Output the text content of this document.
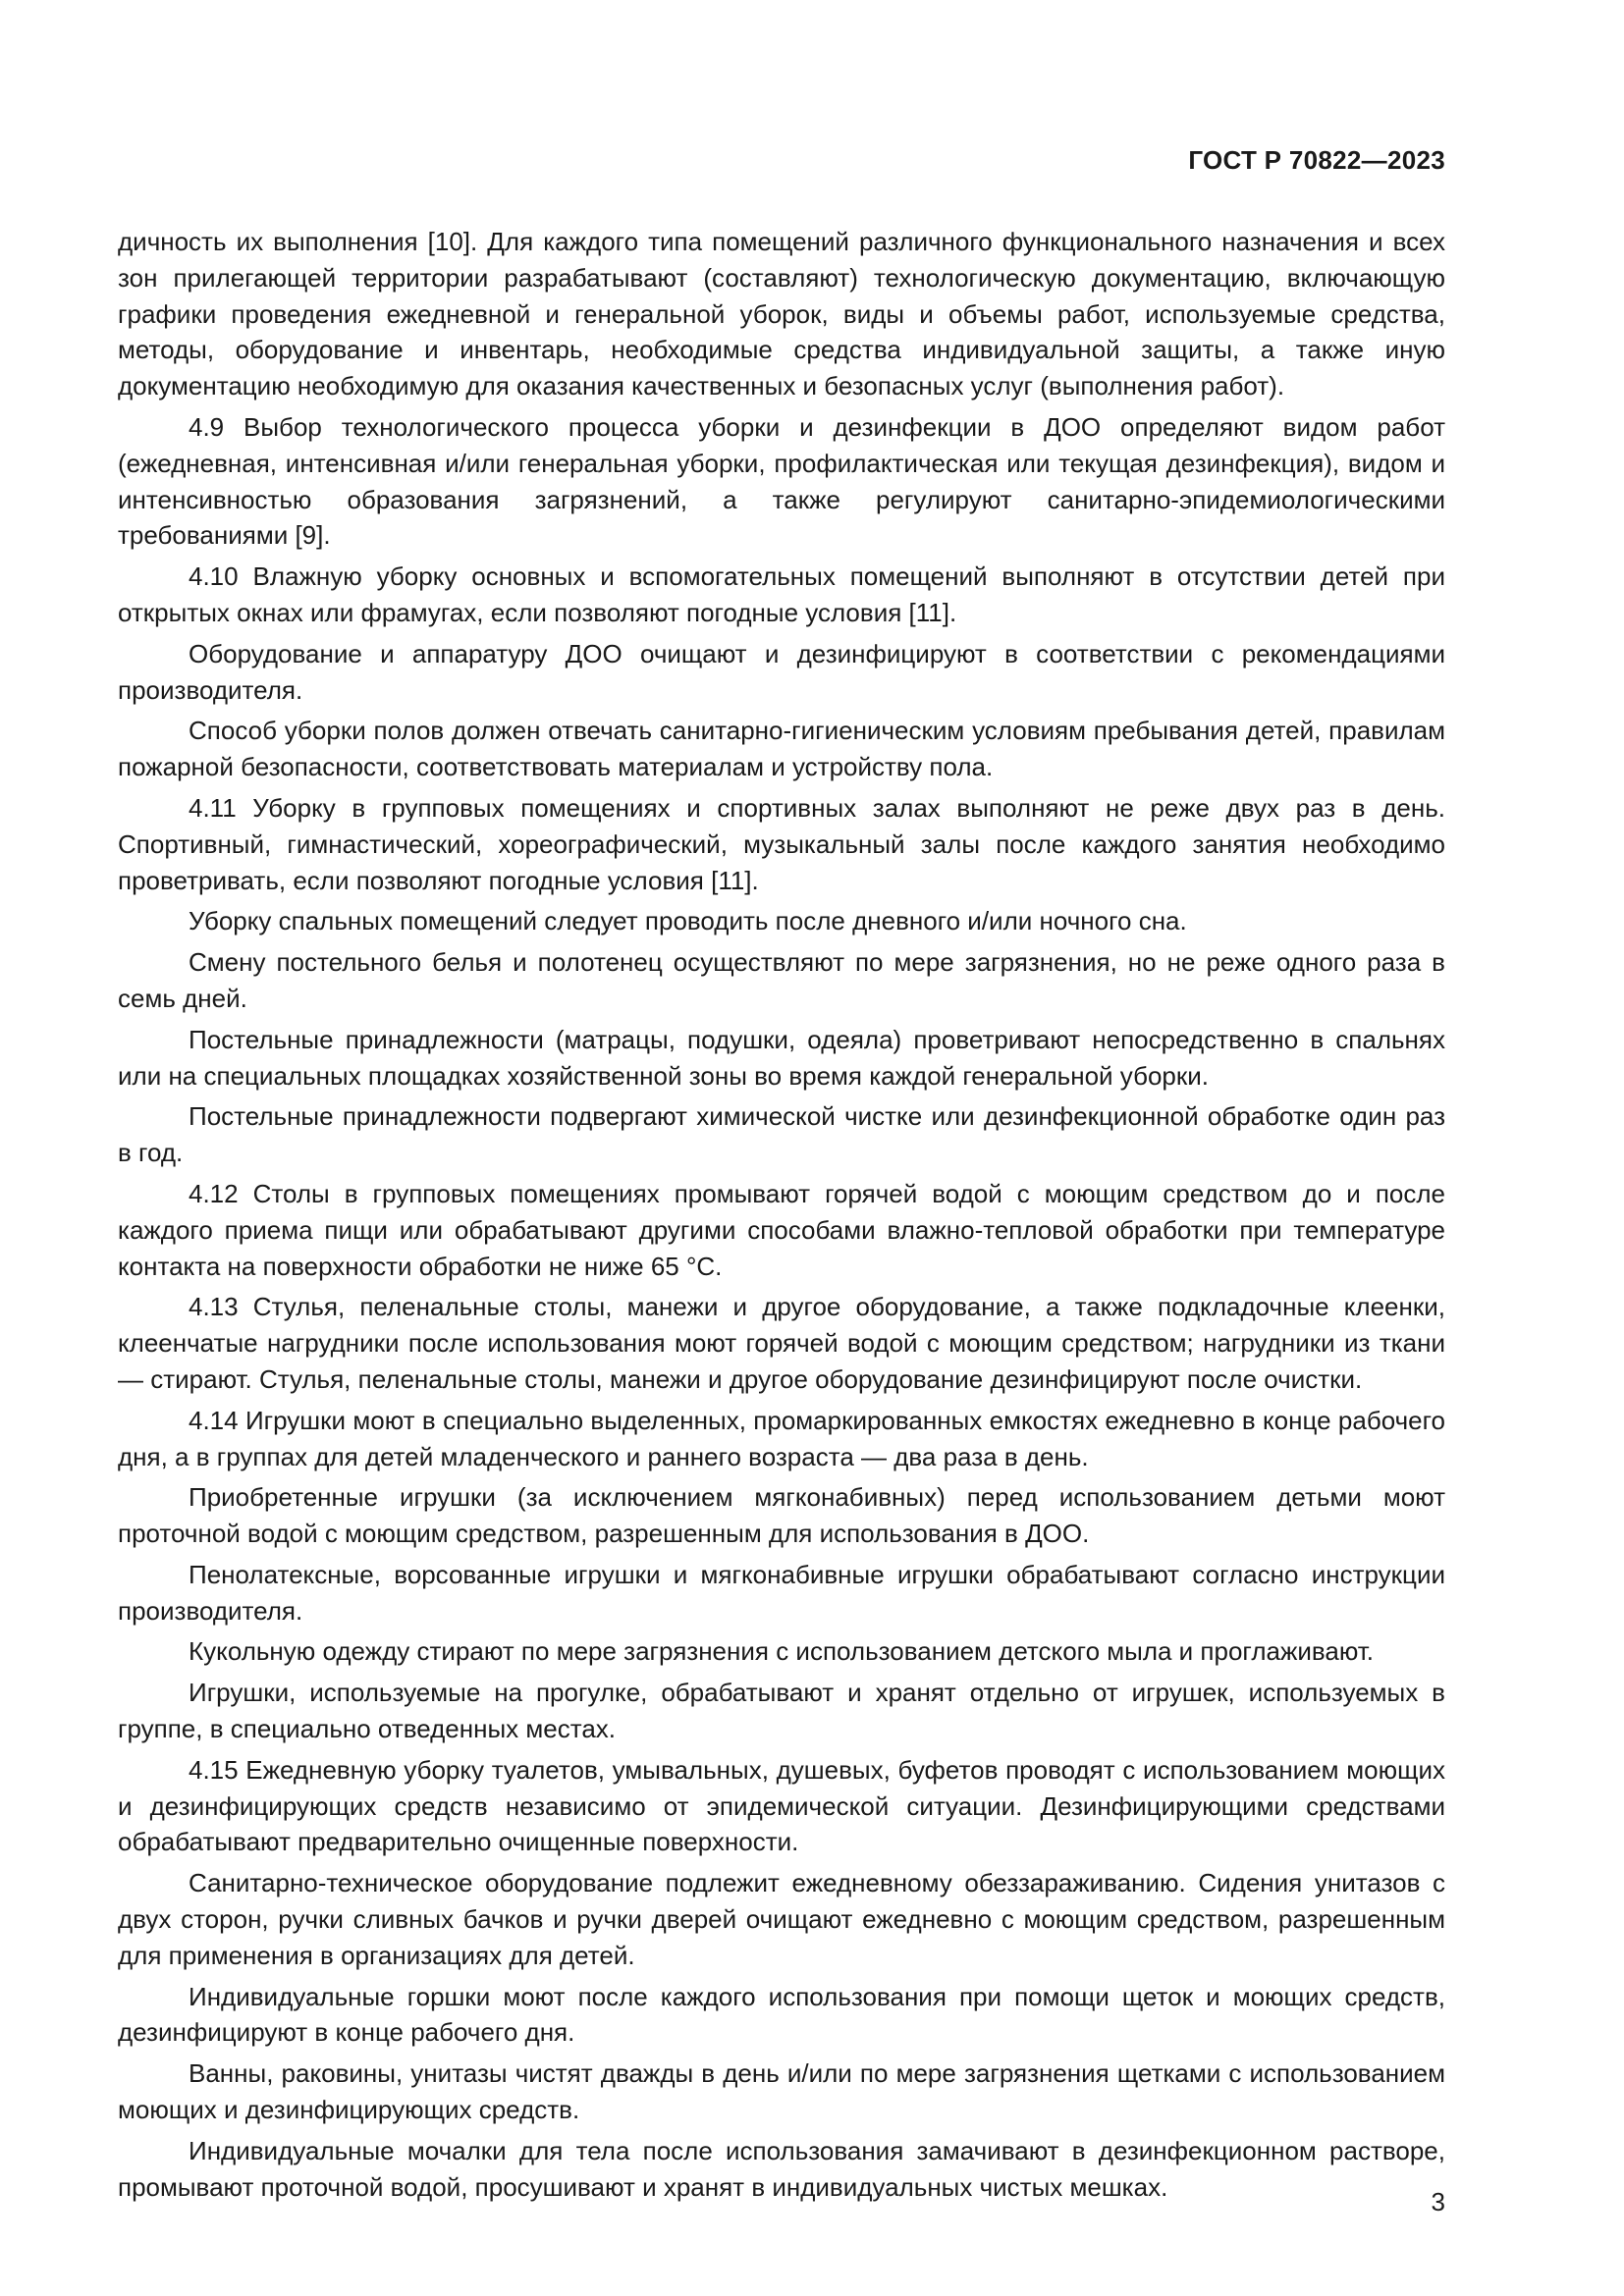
ГОСТ Р 70822—2023

дичность их выполнения [10]. Для каждого типа помещений различного функционального назначения и всех зон прилегающей территории разрабатывают (составляют) технологическую документацию, включающую графики проведения ежедневной и генеральной уборок, виды и объемы работ, используемые средства, методы, оборудование и инвентарь, необходимые средства индивидуальной защиты, а также иную документацию необходимую для оказания качественных и безопасных услуг (выполнения работ).

4.9 Выбор технологического процесса уборки и дезинфекции в ДОО определяют видом работ (ежедневная, интенсивная и/или генеральная уборки, профилактическая или текущая дезинфекция), видом и интенсивностью образования загрязнений, а также регулируют санитарно-эпидемиологическими требованиями [9].

4.10 Влажную уборку основных и вспомогательных помещений выполняют в отсутствии детей при открытых окнах или фрамугах, если позволяют погодные условия [11].

Оборудование и аппаратуру ДОО очищают и дезинфицируют в соответствии с рекомендациями производителя.

Способ уборки полов должен отвечать санитарно-гигиеническим условиям пребывания детей, правилам пожарной безопасности, соответствовать материалам и устройству пола.

4.11 Уборку в групповых помещениях и спортивных залах выполняют не реже двух раз в день. Спортивный, гимнастический, хореографический, музыкальный залы после каждого занятия необходимо проветривать, если позволяют погодные условия [11].

Уборку спальных помещений следует проводить после дневного и/или ночного сна.

Смену постельного белья и полотенец осуществляют по мере загрязнения, но не реже одного раза в семь дней.

Постельные принадлежности (матрацы, подушки, одеяла) проветривают непосредственно в спальнях или на специальных площадках хозяйственной зоны во время каждой генеральной уборки.

Постельные принадлежности подвергают химической чистке или дезинфекционной обработке один раз в год.

4.12 Столы в групповых помещениях промывают горячей водой с моющим средством до и после каждого приема пищи или обрабатывают другими способами влажно-тепловой обработки при температуре контакта на поверхности обработки не ниже 65 °С.

4.13 Стулья, пеленальные столы, манежи и другое оборудование, а также подкладочные клеенки, клеенчатые нагрудники после использования моют горячей водой с моющим средством; нагрудники из ткани — стирают. Стулья, пеленальные столы, манежи и другое оборудование дезинфицируют после очистки.

4.14 Игрушки моют в специально выделенных, промаркированных емкостях ежедневно в конце рабочего дня, а в группах для детей младенческого и раннего возраста — два раза в день.

Приобретенные игрушки (за исключением мягконабивных) перед использованием детьми моют проточной водой с моющим средством, разрешенным для использования в ДОО.

Пенолатексные, ворсованные игрушки и мягконабивные игрушки обрабатывают согласно инструкции производителя.

Кукольную одежду стирают по мере загрязнения с использованием детского мыла и проглаживают.

Игрушки, используемые на прогулке, обрабатывают и хранят отдельно от игрушек, используемых в группе, в специально отведенных местах.

4.15 Ежедневную уборку туалетов, умывальных, душевых, буфетов проводят с использованием моющих и дезинфицирующих средств независимо от эпидемической ситуации. Дезинфицирующими средствами обрабатывают предварительно очищенные поверхности.

Санитарно-техническое оборудование подлежит ежедневному обеззараживанию. Сидения унитазов с двух сторон, ручки сливных бачков и ручки дверей очищают ежедневно с моющим средством, разрешенным для применения в организациях для детей.

Индивидуальные горшки моют после каждого использования при помощи щеток и моющих средств, дезинфицируют в конце рабочего дня.

Ванны, раковины, унитазы чистят дважды в день и/или по мере загрязнения щетками с использованием моющих и дезинфицирующих средств.

Индивидуальные мочалки для тела после использования замачивают в дезинфекционном растворе, промывают проточной водой, просушивают и хранят в индивидуальных чистых мешках.

3
